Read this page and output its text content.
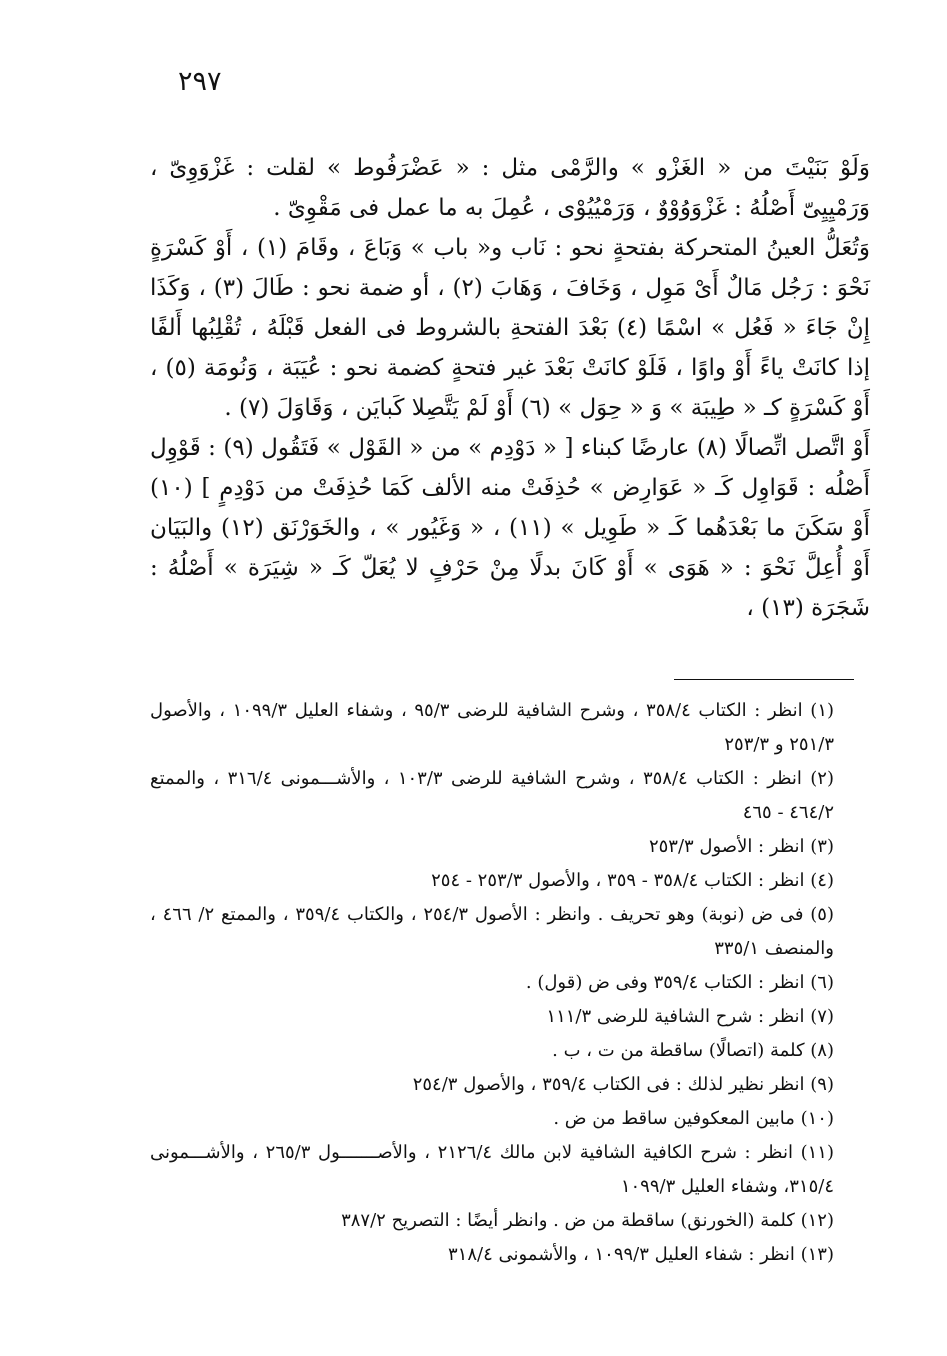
٢٩٧

وَلَوْ بَنَيْتَ من « الغَزْو » والرَّمْى مثل : « عَضْرَفُوط » لقلت : غَزْوَوِىّ ، وَرَمْيِيِىّ أَصْلُهُ : غَزْوَوُوْوٌ ، وَرَمْيُيُوْى ، عُمِلَ به ما عمل فى مَقْوِىّ .

وَتُعَلُّ العينُ المتحركة بفتحةٍ نحو : نَاب و« باب » وَبَاعَ ، وقَامَ (١) ، أَوْ كَسْرَةٍ نَحْوَ : رَجُل مَالٌ أَىْ مَوِل ، وَخَافَ ، وَهَابَ (٢) ، أو ضمة نحو : طَالَ (٣) ، وَكَذَا إِنْ جَاءَ « فَعُل » اسْمًا (٤) بَعْدَ الفتحةِ بالشروط فى الفعل قَبْلَهُ ، تُقْلِبُها أَلفًا إذا كانَتْ ياءً أَوْ واوًا ، فَلَوْ كانَتْ بَعْدَ غير فتحةٍ كضمة نحو : عُيَبَة ، وَنُومَة (٥) ، أَوْ كَسْرَةٍ كـ « طِيبَة » وَ « حِوَل » (٦) أَوْ لَمْ يَتَّصِلا كَبايَن ، وَقَاوَلَ (٧) .

أَوْ اتَّصل اتِّصالًا (٨) عارضًا كبناء [ « دَوْدِم » من « القَوْل » فَتَقُول (٩) : قَوْوِل أَصْلُه : قَوَاوِل كَـ « عَوَارِض » حُذِفَتْ منه الألف كَمَا حُذِفَتْ من دَوْدِمٍ ] (١٠) أَوْ سَكَنَ ما بَعْدَهُما كَـ « طَوِيل » (١١) ، « وَغَيُور » ، والخَوَرْنَق (١٢) والبَيَان أَوْ أُعِلَّ نَحْوَ : « هَوَى » أَوْ كَانَ بدلًا مِنْ حَرْفٍ لا يُعَلّ كَـ « شِيَرَة » أَصْلُهُ : شَجَرَة (١٣) ،

(١) انظر : الكتاب ٣٥٨/٤ ، وشرح الشافية للرضى ٩٥/٣ ، وشفاء العليل ١٠٩٩/٣ ، والأصول ٢٥١/٣ و ٢٥٣/٣

(٢) انظر : الكتاب ٣٥٨/٤ ، وشرح الشافية للرضى ١٠٣/٣ ، والأشـــمونى ٣١٦/٤ ، والممتع ٤٦٤/٢ - ٤٦٥

(٣) انظر : الأصول ٢٥٣/٣

(٤) انظر : الكتاب ٣٥٨/٤ - ٣٥٩ ، والأصول ٢٥٣/٣ - ٢٥٤

(٥) فى ض (نوبة) وهو تحريف . وانظر : الأصول ٢٥٤/٣ ، والكتاب ٣٥٩/٤ ، والممتع ٢/ ٤٦٦ ، والمنصف ٣٣٥/١

(٦) انظر : الكتاب ٣٥٩/٤ وفى ض (قول) .

(٧) انظر : شرح الشافية للرضى ١١١/٣

(٨) كلمة (اتصالًا) ساقطة من ت ، ب .

(٩) انظر نظير لذلك : فى الكتاب ٣٥٩/٤ ، والأصول ٢٥٤/٣

(١٠) مابين المعكوفين ساقط من ض .

(١١) انظر : شرح الكافية الشافية لابن مالك ٢١٢٦/٤ ، والأصـــــــول ٢٦٥/٣ ، والأشـــمونى ٣١٥/٤، وشفاء العليل ١٠٩٩/٣

(١٢) كلمة (الخورنق) ساقطة من ض . وانظر أيضًا : التصريح ٣٨٧/٢

(١٣) انظر : شفاء العليل ١٠٩٩/٣ ، والأشمونى ٣١٨/٤
